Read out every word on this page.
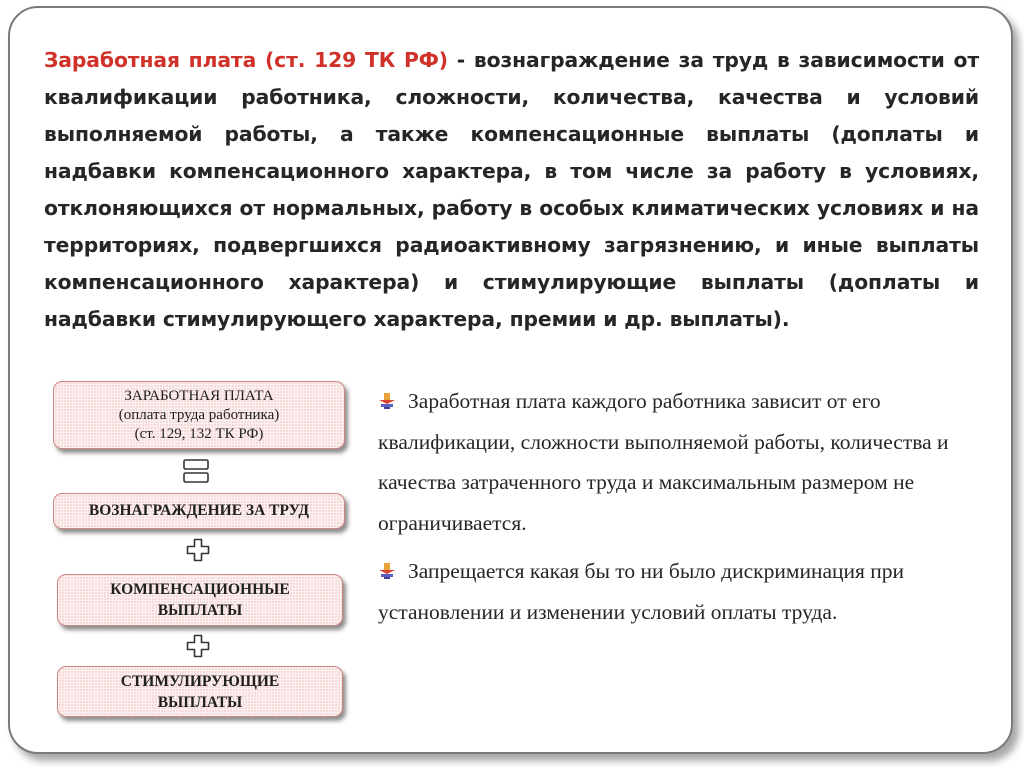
Заработная плата (ст. 129 ТК РФ) - вознаграждение за труд в зависимости от квалификации работника, сложности, количества, качества и условий выполняемой работы, а также компенсационные выплаты (доплаты и надбавки компенсационного характера, в том числе за работу в условиях, отклоняющихся от нормальных, работу в особых климатических условиях и на территориях, подвергшихся радиоактивному загрязнению, и иные выплаты компенсационного характера) и стимулирующие выплаты (доплаты и надбавки стимулирующего характера, премии и др. выплаты).

ЗАРАБОТНАЯ ПЛАТА
(оплата труда работника)
(ст. 129, 132 ТК РФ)
ВОЗНАГРАЖДЕНИЕ ЗА ТРУД
КОМПЕНСАЦИОННЫЕ
ВЫПЛАТЫ
СТИМУЛИРУЮЩИЕ
ВЫПЛАТЫ

Заработная плата каждого работника зависит от его квалификации, сложности выполняемой работы, количества и качества затраченного труда и максимальным размером не ограничивается.

Запрещается какая бы то ни было дискриминация при установлении и изменении условий оплаты труда.
